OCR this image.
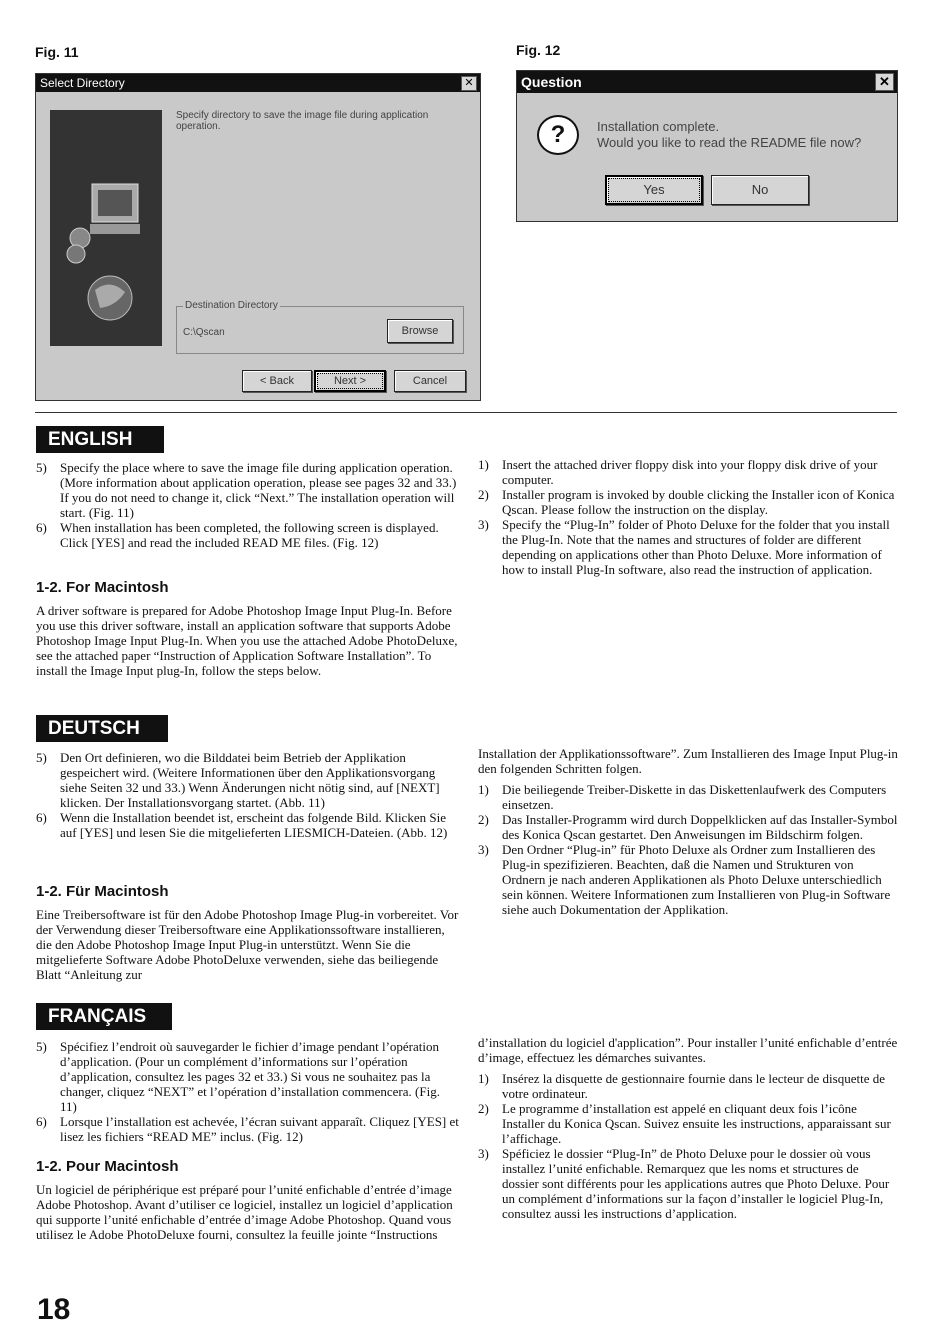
Fig. 11
Select Directory	✕
Specify directory to save the image file during application operation.
Destination Directory
C:\Qscan	Browse
< Back	Next >	Cancel
Fig. 12
Question	✕
?	Installation complete.
Would you like to read the README file now?
Yes	No
ENGLISH
5) Specify the place where to save the image file during application operation. (More information about application operation, please see pages 32 and 33.) If you do not need to change it, click “Next.” The installation operation will start. (Fig. 11)
6) When installation has been completed, the following screen is displayed. Click [YES] and read the included READ ME files. (Fig. 12)
1-2. For Macintosh

A driver software is prepared for Adobe Photoshop Image Input Plug-In. Before you use this driver software, install an application software that supports Adobe Photoshop Image Input Plug-In. When you use the attached Adobe PhotoDeluxe, see the attached paper “Instruction of Application Software Installation”. To install the Image Input plug-In, follow the steps below.

1) Insert the attached driver floppy disk into your floppy disk drive of your computer.
2) Installer program is invoked by double clicking the Installer icon of Konica Qscan. Please follow the instruction on the display.
3) Specify the “Plug-In” folder of Photo Deluxe for the folder that you install the Plug-In. Note that the names and structures of folder are different depending on applications other than Photo Deluxe. More information of how to install Plug-In software, also read the instruction of application.
DEUTSCH
5) Den Ort definieren, wo die Bilddatei beim Betrieb der Applikation gespeichert wird. (Weitere Informationen über den Applikationsvorgang siehe Seiten 32 und 33.) Wenn Änderungen nicht nötig sind, auf [NEXT] klicken. Der Installationsvorgang startet. (Abb. 11)
6) Wenn die Installation beendet ist, erscheint das folgende Bild. Klicken Sie auf [YES] und lesen Sie die mitgelieferten LIESMICH-Dateien. (Abb. 12)
1-2. Für Macintosh

Eine Treibersoftware ist für den Adobe Photoshop Image Plug-in vorbereitet. Vor der Verwendung dieser Treibersoftware eine Applikationssoftware installieren, die den Adobe Photoshop Image Input Plug-in unterstützt. Wenn Sie die mitgelieferte Software Adobe PhotoDeluxe verwenden, siehe das beiliegende Blatt “Anleitung zur

Installation der Applikationssoftware”. Zum Installieren des Image Input Plug-in den folgenden Schritten folgen.

1) Die beiliegende Treiber-Diskette in das Diskettenlaufwerk des Computers einsetzen.
2) Das Installer-Programm wird durch Doppelklicken auf das Installer-Symbol des Konica Qscan gestartet. Den Anweisungen im Bildschirm folgen.
3) Den Ordner “Plug-in” für Photo Deluxe als Ordner zum Installieren des Plug-in spezifizieren. Beachten, daß die Namen und Strukturen von Ordnern je nach anderen Applikationen als Photo Deluxe unterschiedlich sein können. Weitere Informationen zum Installieren von Plug-in Software siehe auch Dokumentation der Applikation.
FRANÇAIS
5) Spécifiez l’endroit où sauvegarder le fichier d’image pendant l’opération d’application. (Pour un complément d’informations sur l’opération d’application, consultez les pages 32 et 33.) Si vous ne souhaitez pas la changer, cliquez “NEXT” et l’opération d’installation commencera. (Fig. 11)
6) Lorsque l’installation est achevée, l’écran suivant apparaît. Cliquez [YES] et lisez les fichiers “READ ME” inclus. (Fig. 12)
1-2. Pour Macintosh

Un logiciel de périphérique est préparé pour l’unité enfichable d’entrée d’image Adobe Photoshop. Avant d’utiliser ce logiciel, installez un logiciel d’application qui supporte l’unité enfichable d’entrée d’image Adobe Photoshop. Quand vous utilisez le Adobe PhotoDeluxe fourni, consultez la feuille jointe “Instructions

d’installation du logiciel d'application”. Pour installer l’unité enfichable d’entrée d’image, effectuez les démarches suivantes.

1) Insérez la disquette de gestionnaire fournie dans le lecteur de disquette de votre ordinateur.
2) Le programme d’installation est appelé en cliquant deux fois l’icône Installer du Konica Qscan. Suivez ensuite les instructions, apparaissant sur l’affichage.
3) Spéficiez le dossier “Plug-In” de Photo Deluxe pour le dossier où vous installez l’unité enfichable. Remarquez que les noms et structures de dossier sont différents pour les applications autres que Photo Deluxe. Pour un complément d’informations sur la façon d’installer le logiciel Plug-In, consultez aussi les instructions d’application.
18
